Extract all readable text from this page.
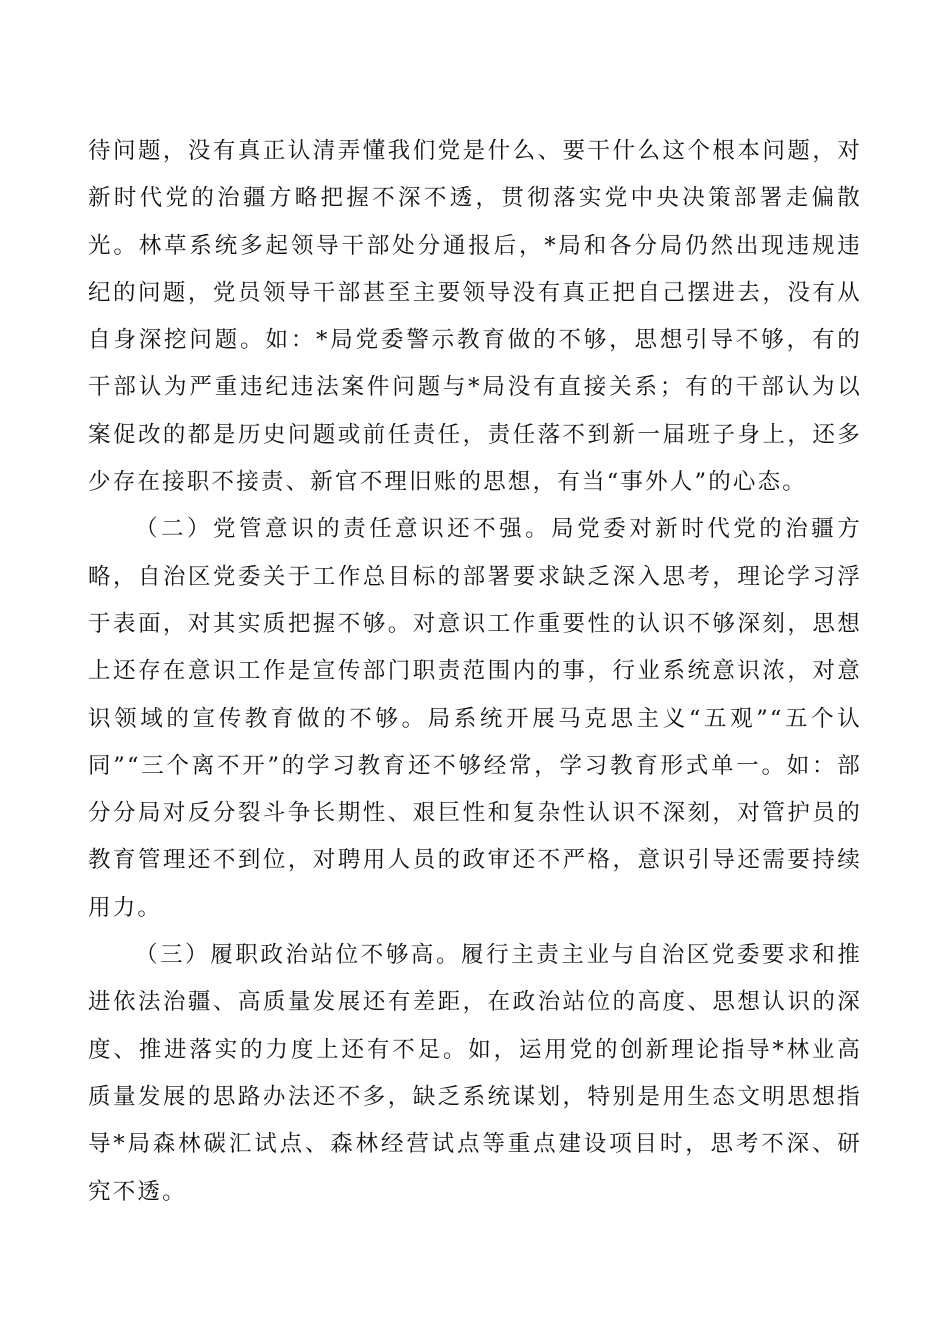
待问题，没有真正认清弄懂我们党是什么、要干什么这个根本问题，对新时代党的治疆方略把握不深不透，贯彻落实党中央决策部署走偏散光。林草系统多起领导干部处分通报后，*局和各分局仍然出现违规违纪的问题，党员领导干部甚至主要领导没有真正把自己摆进去，没有从自身深挖问题。如：*局党委警示教育做的不够，思想引导不够，有的干部认为严重违纪违法案件问题与*局没有直接关系；有的干部认为以案促改的都是历史问题或前任责任，责任落不到新一届班子身上，还多少存在接职不接责、新官不理旧账的思想，有当“事外人”的心态。

（二）党管意识的责任意识还不强。局党委对新时代党的治疆方略，自治区党委关于工作总目标的部署要求缺乏深入思考，理论学习浮于表面，对其实质把握不够。对意识工作重要性的认识不够深刻，思想上还存在意识工作是宣传部门职责范围内的事，行业系统意识浓，对意识领域的宣传教育做的不够。局系统开展马克思主义“五观”“五个认同”“三个离不开”的学习教育还不够经常，学习教育形式单一。如：部分分局对反分裂斗争长期性、艰巨性和复杂性认识不深刻，对管护员的教育管理还不到位，对聘用人员的政审还不严格，意识引导还需要持续用力。

（三）履职政治站位不够高。履行主责主业与自治区党委要求和推进依法治疆、高质量发展还有差距，在政治站位的高度、思想认识的深度、推进落实的力度上还有不足。如，运用党的创新理论指导*林业高质量发展的思路办法还不多，缺乏系统谋划，特别是用生态文明思想指导*局森林碳汇试点、森林经营试点等重点建设项目时，思考不深、研究不透。
